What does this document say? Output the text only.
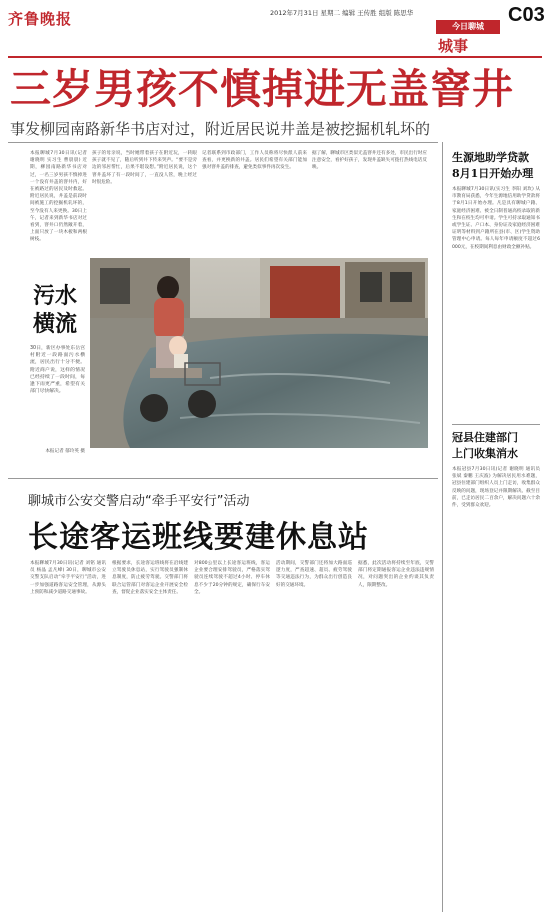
齐鲁晚报	2012年7月31日 星期二 编辑 王传胜 组版 陈思华	C03
今日聊城
城事
三岁男孩不慎掉进无盖窨井
事发柳园南路新华书店对过，附近居民说井盖是被挖掘机轧坏的
本报聊城7月30日讯(记者 谢晓明 实习生 曹晨晨) 近期，柳园南路新华书店对过，一名三岁男孩不慎掉进一个没有井盖的窨井内，好在被路过的居民及时救起。附近居民说，井盖是前段时间被施工的挖掘机轧坏的，至今没有人来更换。30日上午，记者来到新华书店对过看到，窨井口仍然敞开着，上面只放了一块木板和两根树枝。
孩子的母亲说，当时她带着孩子在附近玩，一转眼孩子就不见了，随后听到井下传来哭声。“要不是旁边的邻居帮忙，后果不堪设想。”附近居民说，这个窨井盖坏了有一段时间了，一直没人管，晚上经过时很危险。
记者联系到市政部门，工作人员称将尽快派人前来查看，并更换新的井盖。居民们希望有关部门能加强对窨井盖的排查，避免类似事件再次发生。
据了解，聊城市区类似无盖窨井还有多处，市民出行时应注意安全，看护好孩子，发现井盖缺失可拨打热线电话反映。
污水
横流
30日，新区办事处东岳宫村附近一段路面污水横流，居民出行十分不便。附近商户说，这样的情况已经持续了一段时间，每逢下雨更严重，希望有关部门尽快解决。
本报记者 郁玲英 摄
聊城市公安交警启动“牵手平安行”活动
长途客运班线要建休息站
本报聊城7月30日讯(记者 刘铭 通讯员 杨晶 孟凡峰) 30日，聊城市公安交警支队启动“牵手平安行”活动，进一步加强道路客运安全管理，从源头上预防和减少道路交通事故。
根据要求，长途客运班线将在沿线建立驾驶员休息站，实行驾驶员强制休息制度，防止疲劳驾驶。交警部门将联合运管部门对客运企业开展安全检查，督促企业落实安全主体责任。
对800公里以上长途客运班线，客运企业要合理安排驾驶员，严格落实驾驶员连续驾驶不超过4小时、停车休息不少于20分钟的规定，确保行车安全。
活动期间，交警部门还将加大路面巡逻力度，严查超速、超员、疲劳驾驶等交通违法行为，为群众出行创造良好的交通环境。
据悉，此次活动将持续至年底，交警部门将定期通报客运企业违法违规情况，对问题突出的企业约谈其负责人，限期整改。
生源地助学贷款
8月1日开始办理
本报聊城7月30日讯(实习生 李阳 刘玫) 从市教育局获悉，今年生源地信用助学贷款将于8月1日开始办理。凡是具有聊城户籍、家庭经济困难、被全日制普通高校录取的新生和在校生均可申请。学生可持录取通知书或学生证、户口本、身份证及家庭经济困难证明等材料到户籍所在县(市、区)学生资助管理中心申请。每人每年申请额度不超过6000元，在校期间利息由财政全额补贴。
冠县住建部门
上门收集消水
本报冠县7月30日讯(记者 谢晓明 通讯员 张斌 秦鹏 王庆波) 为解决居民用水难题，冠县住建部门组织人员上门走访，收集群众反映的问题，现场登记并限期解决。截至目前，已走访居民二百余户，解决问题六十余件，受到群众欢迎。
